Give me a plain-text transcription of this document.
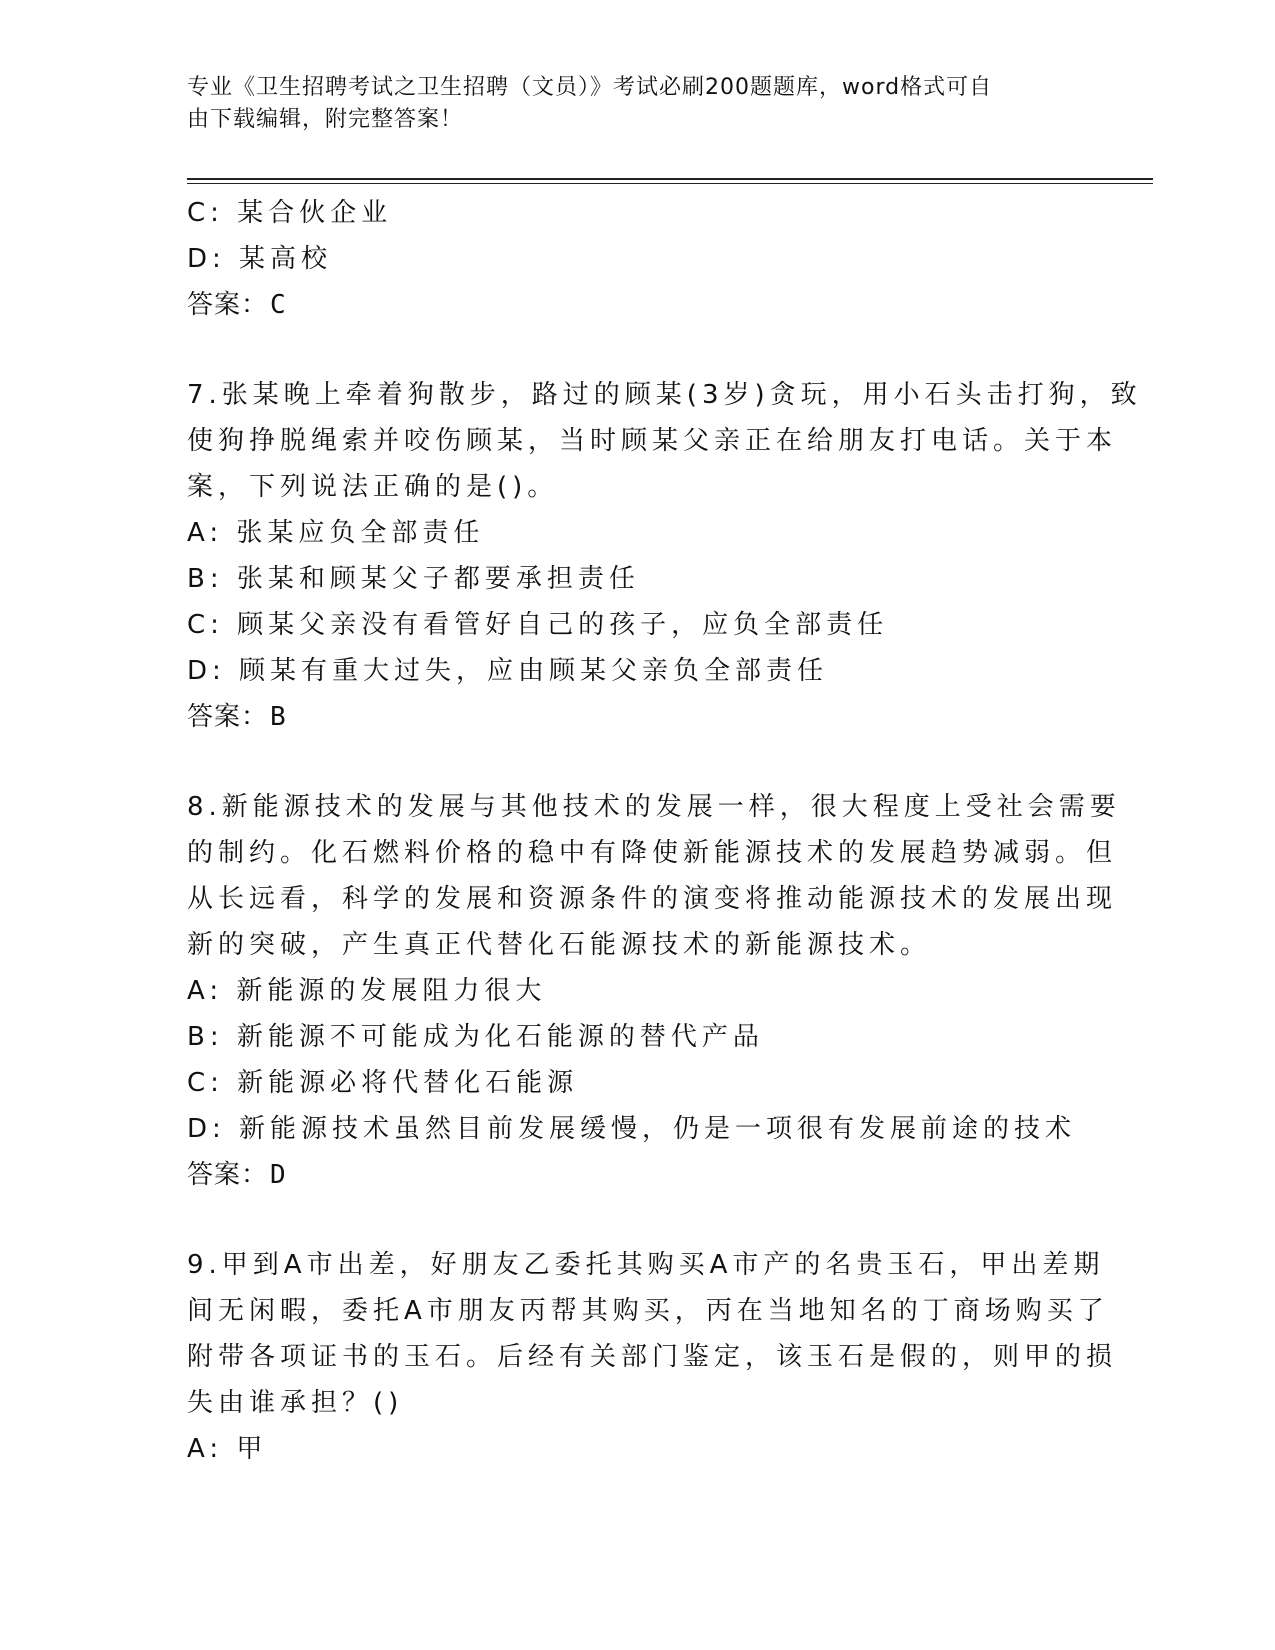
专业《卫生招聘考试之卫生招聘（文员）》考试必刷200题题库，word格式可自
由下载编辑，附完整答案！
C: 某合伙企业
D: 某高校
答案：C
7.张某晚上牵着狗散步，路过的顾某(3岁)贪玩，用小石头击打狗，致
使狗挣脱绳索并咬伤顾某，当时顾某父亲正在给朋友打电话。关于本
案，下列说法正确的是()。
A: 张某应负全部责任
B: 张某和顾某父子都要承担责任
C: 顾某父亲没有看管好自己的孩子，应负全部责任
D: 顾某有重大过失，应由顾某父亲负全部责任
答案：B
8.新能源技术的发展与其他技术的发展一样，很大程度上受社会需要
的制约。化石燃料价格的稳中有降使新能源技术的发展趋势减弱。但
从长远看，科学的发展和资源条件的演变将推动能源技术的发展出现
新的突破，产生真正代替化石能源技术的新能源技术。
A: 新能源的发展阻力很大
B: 新能源不可能成为化石能源的替代产品
C: 新能源必将代替化石能源
D: 新能源技术虽然目前发展缓慢，仍是一项很有发展前途的技术
答案：D
9.甲到A市出差，好朋友乙委托其购买A市产的名贵玉石，甲出差期
间无闲暇，委托A市朋友丙帮其购买，丙在当地知名的丁商场购买了
附带各项证书的玉石。后经有关部门鉴定，该玉石是假的，则甲的损
失由谁承担？()
A: 甲
